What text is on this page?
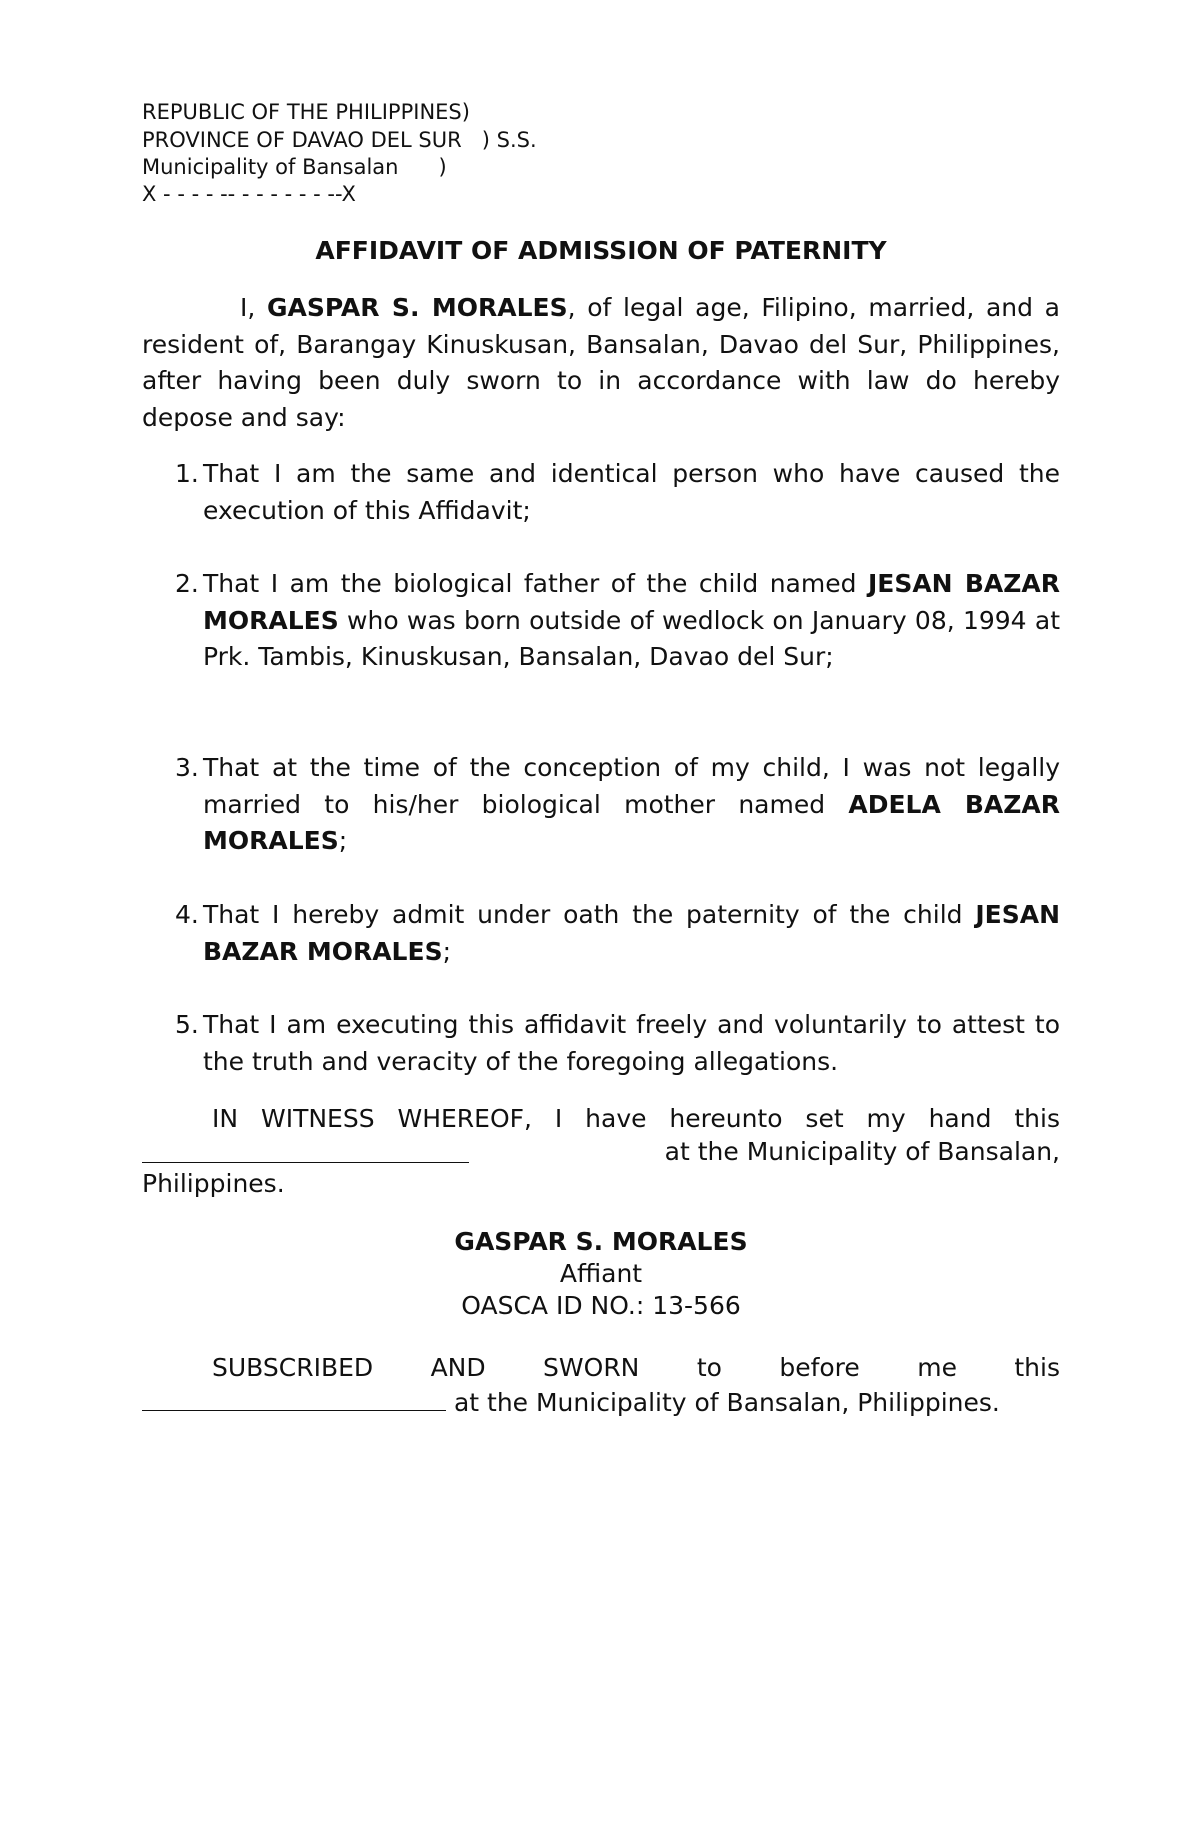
REPUBLIC OF THE PHILIPPINES)
PROVINCE OF DAVAO DEL SUR   ) S.S.
Municipality of Bansalan      )
X - - - - -- - - - - - - --X
AFFIDAVIT OF ADMISSION OF PATERNITY
I, GASPAR S. MORALES, of legal age, Filipino, married, and a resident of, Barangay Kinuskusan, Bansalan, Davao del Sur, Philippines, after having been duly sworn to in accordance with law do hereby depose and say:
1. That I am the same and identical person who have caused the execution of this Affidavit;
2. That I am the biological father of the child named JESAN BAZAR MORALES who was born outside of wedlock on January 08, 1994 at Prk. Tambis, Kinuskusan, Bansalan, Davao del Sur;
3. That at the time of the conception of my child, I was not legally married to his/her biological mother named ADELA BAZAR MORALES;
4. That I hereby admit under oath the paternity of the child JESAN BAZAR MORALES;
5. That I am executing this affidavit freely and voluntarily to attest to the truth and veracity of the foregoing allegations.
IN WITNESS WHEREOF, I have hereunto set my hand this
at the Municipality of Bansalan,
Philippines.
GASPAR S. MORALES
Affiant
OASCA ID NO.: 13-566
SUBSCRIBED AND SWORN to before me this
at the Municipality of Bansalan, Philippines.
